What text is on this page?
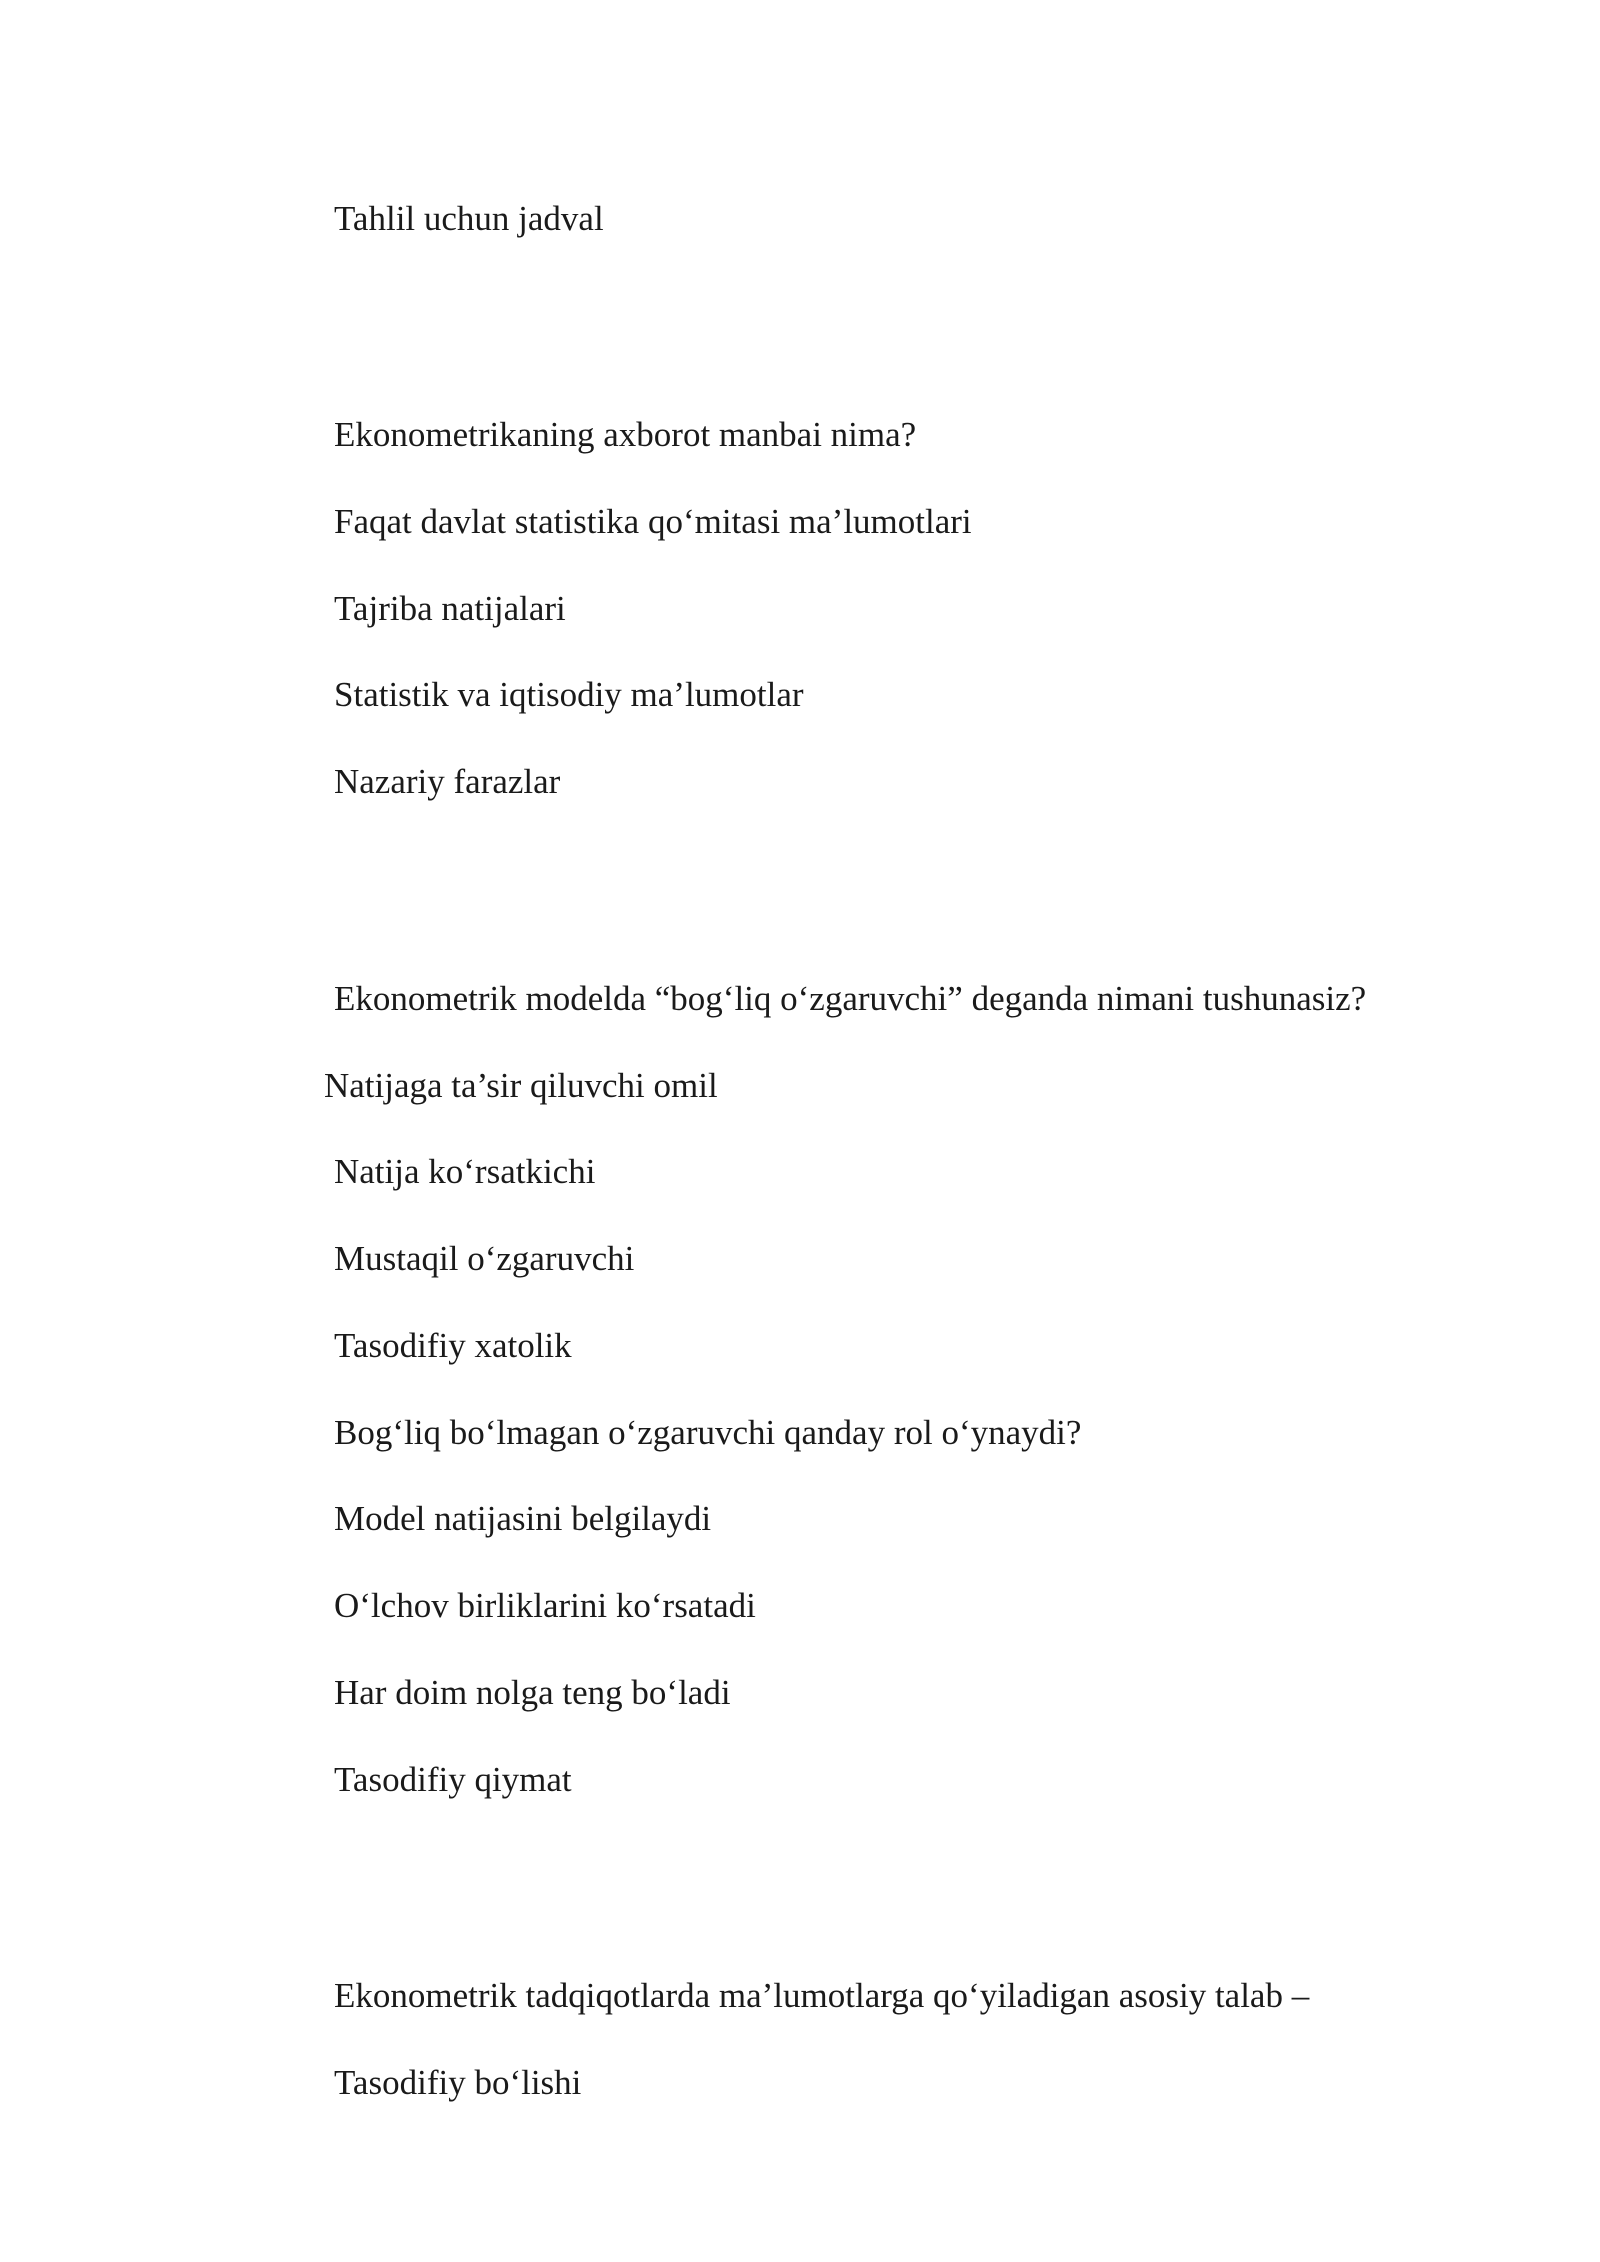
Tahlil uchun jadval
Ekonometrikaning axborot manbai nima?
Faqat davlat statistika qo‘mitasi ma’lumotlari
Tajriba natijalari
Statistik va iqtisodiy ma’lumotlar
Nazariy farazlar
Ekonometrik modelda “bog‘liq o‘zgaruvchi” deganda nimani tushunasiz?
Natijaga ta’sir qiluvchi omil
Natija ko‘rsatkichi
Mustaqil o‘zgaruvchi
Tasodifiy xatolik
Bog‘liq bo‘lmagan o‘zgaruvchi qanday rol o‘ynaydi?
Model natijasini belgilaydi
O‘lchov birliklarini ko‘rsatadi
Har doim nolga teng bo‘ladi
Tasodifiy qiymat
Ekonometrik tadqiqotlarda ma’lumotlarga qo‘yiladigan asosiy talab –
Tasodifiy bo‘lishi
